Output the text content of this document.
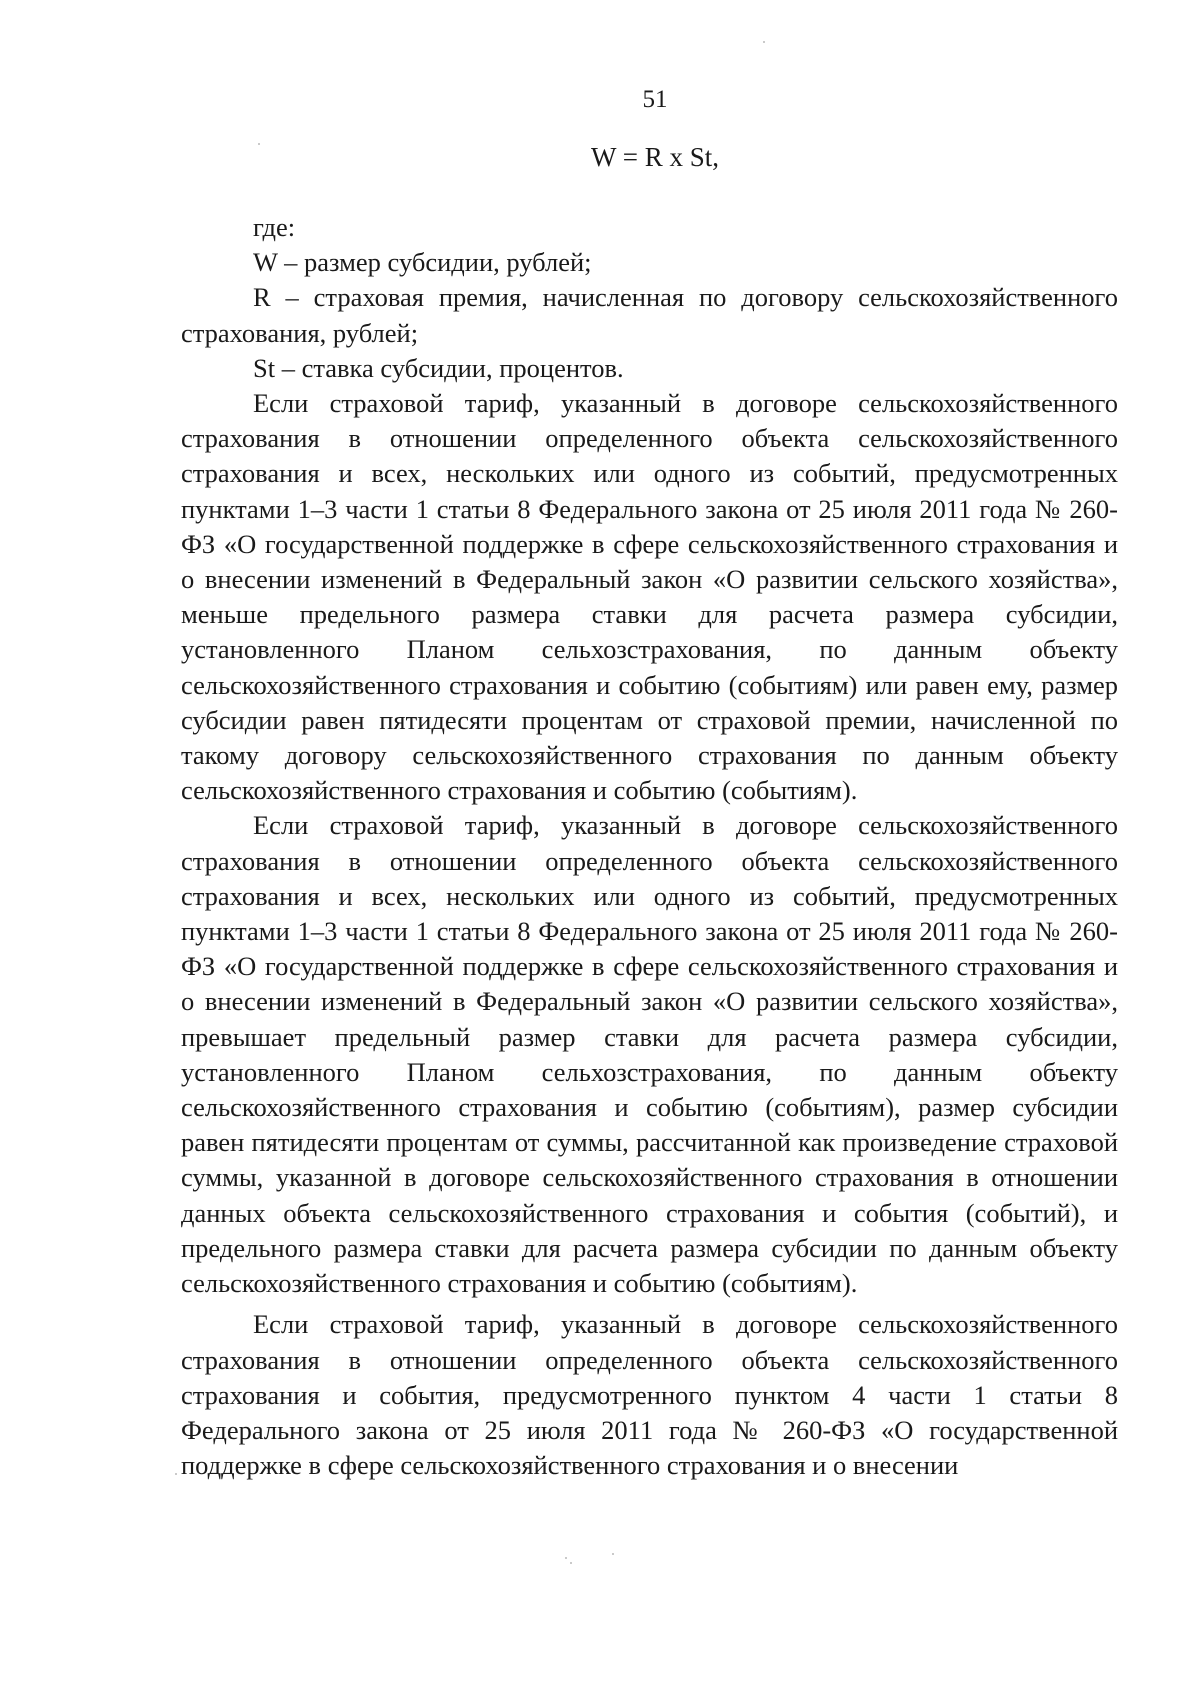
51
W = R x St,

где:

W – размер субсидии, рублей;

R – страховая премия, начисленная по договору сельскохозяйственного страхования, рублей;

St – ставка субсидии, процентов.

Если страховой тариф, указанный в договоре сельскохозяйственного страхования в отношении определенного объекта сельскохозяйственного страхования и всех, нескольких или одного из событий, предусмотренных пунктами 1–3 части 1 статьи 8 Федерального закона от 25 июля 2011 года № 260-ФЗ «О государственной поддержке в сфере сельскохозяйственного страхования и о внесении изменений в Федеральный закон «О развитии сельского хозяйства», меньше предельного размера ставки для расчета размера субсидии, установленного Планом сельхозстрахования, по данным объекту сельскохозяйственного страхования и событию (событиям) или равен ему, размер субсидии равен пятидесяти процентам от страховой премии, начисленной по такому договору сельскохозяйственного страхования по данным объекту сельскохозяйственного страхования и событию (событиям).

Если страховой тариф, указанный в договоре сельскохозяйственного страхования в отношении определенного объекта сельскохозяйственного страхования и всех, нескольких или одного из событий, предусмотренных пунктами 1–3 части 1 статьи 8 Федерального закона от 25 июля 2011 года № 260-ФЗ «О государственной поддержке в сфере сельскохозяйственного страхования и о внесении изменений в Федеральный закон «О развитии сельского хозяйства», превышает предельный размер ставки для расчета размера субсидии, установленного Планом сельхозстрахования, по данным объекту сельскохозяйственного страхования и событию (событиям), размер субсидии равен пятидесяти процентам от суммы, рассчитанной как произведение страховой суммы, указанной в договоре сельскохозяйственного страхования в отношении данных объекта сельскохозяйственного страхования и события (событий), и предельного размера ставки для расчета размера субсидии по данным объекту сельскохозяйственного страхования и событию (событиям).

Если страховой тариф, указанный в договоре сельскохозяйственного страхования в отношении определенного объекта сельскохозяйственного страхования и события, предусмотренного пунктом 4 части 1 статьи 8 Федерального закона от 25 июля 2011 года № 260-ФЗ «О государственной поддержке в сфере сельскохозяйственного страхования и о внесении
